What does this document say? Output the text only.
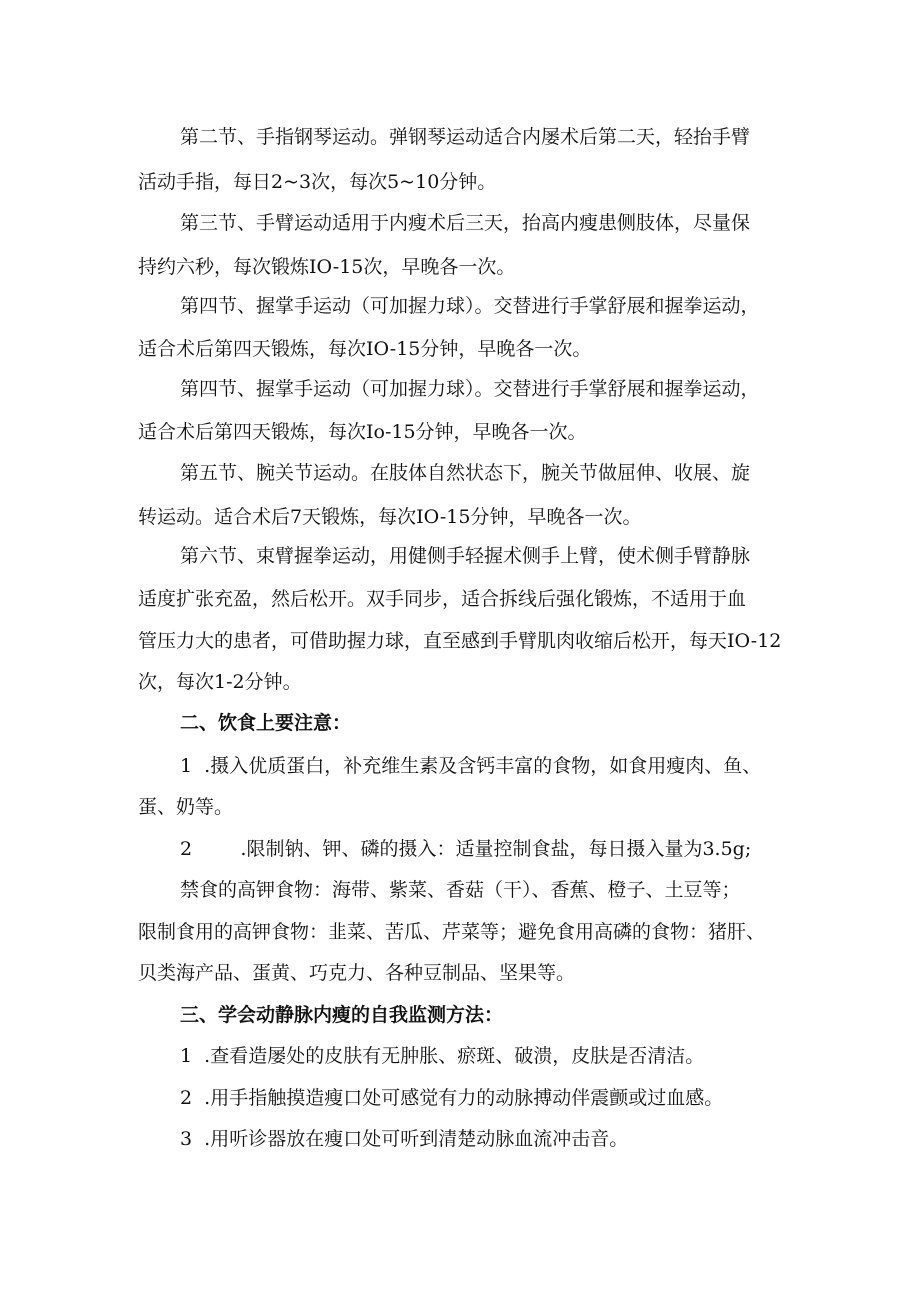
第二节、手指钢琴运动。弹钢琴运动适合内屡术后第二天，轻抬手臂
活动手指，每日2~3次，每次5~10分钟。
第三节、手臂运动适用于内瘦术后三天，抬高内瘦患侧肢体，尽量保
持约六秒，每次锻炼IO-15次，早晚各一次。
第四节、握掌手运动（可加握力球）。交替进行手掌舒展和握拳运动，
适合术后第四天锻炼，每次IO-15分钟，早晚各一次。
第四节、握掌手运动（可加握力球）。交替进行手掌舒展和握拳运动，
适合术后第四天锻炼，每次Io-15分钟，早晚各一次。
第五节、腕关节运动。在肢体自然状态下，腕关节做屈伸、收展、旋
转运动。适合术后7天锻炼，每次IO-15分钟，早晚各一次。
第六节、束臂握拳运动，用健侧手轻握术侧手上臂，使术侧手臂静脉
适度扩张充盈，然后松开。双手同步，适合拆线后强化锻炼，不适用于血
管压力大的患者，可借助握力球，直至感到手臂肌肉收缩后松开，每天IO-12
次，每次1-2分钟。
二、饮食上要注意：
1  .摄入优质蛋白，补充维生素及含钙丰富的食物，如食用瘦肉、鱼、
蛋、奶等。
2        .限制钠、钾、磷的摄入：适量控制食盐，每日摄入量为3.5g;
禁食的高钾食物：海带、紫菜、香菇（干）、香蕉、橙子、土豆等；
限制食用的高钾食物：韭菜、苦瓜、芹菜等；避免食用高磷的食物：猪肝、
贝类海产品、蛋黄、巧克力、各种豆制品、坚果等。
三、学会动静脉内瘦的自我监测方法：
1  .查看造屡处的皮肤有无肿胀、瘀斑、破溃，皮肤是否清洁。
2  .用手指触摸造瘦口处可感觉有力的动脉搏动伴震颤或过血感。
3  .用听诊器放在瘦口处可听到清楚动脉血流冲击音。
